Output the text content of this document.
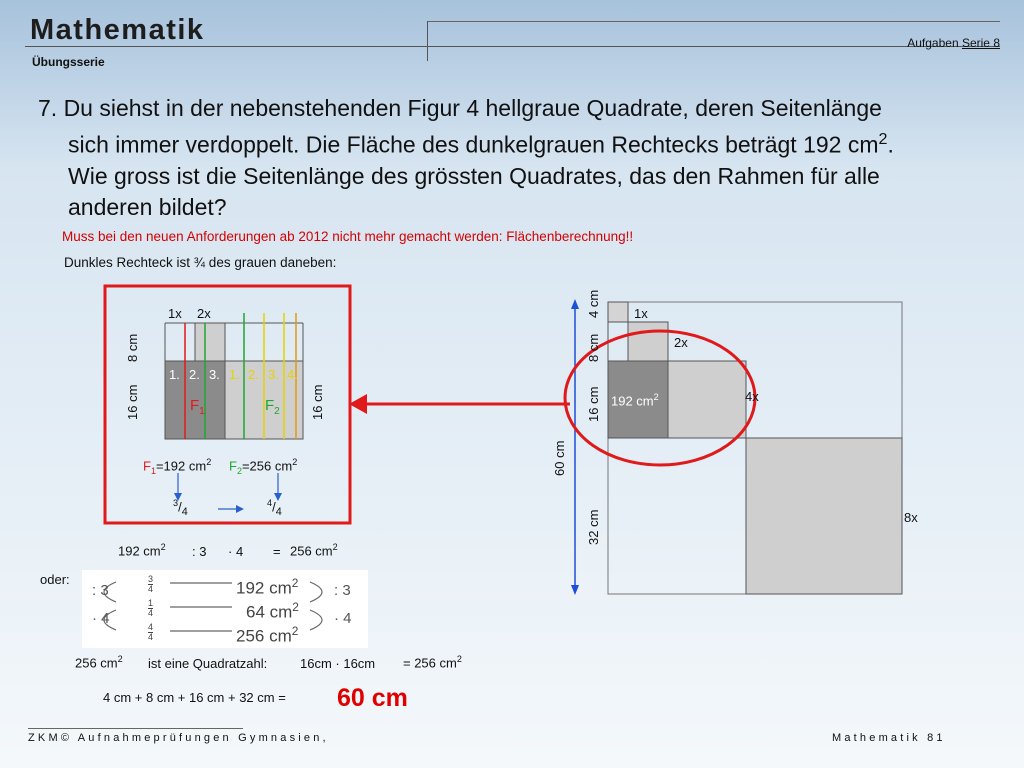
Mathematik
Übungsserie
Aufgaben Serie 8
7. Du siehst in der nebenstehenden Figur 4 hellgraue Quadrate, deren Seitenlänge
sich immer verdoppelt. Die Fläche des dunkelgrauen Rechtecks beträgt 192 $cm^2$.
Wie gross ist die Seitenlänge des grössten Quadrates, das den Rahmen für alle
anderen bildet?
Muss bei den neuen Anforderungen ab 2012 nicht mehr gemacht werden: Flächenberechnung!!
Dunkles Rechteck ist ¾ des grauen daneben:
1x 2x
8 cm
16 cm	16 cm
1. 2. 3. 1. 2. 3. 4.
$F_1$	$F_2$
$F_1=192$ $cm^2$ $F_2=256$ $cm^2$
$^3/_4$
$^4/_4$
192 $cm^2$ : 3 · 4 = 256 $cm^2$
oder:
: 3
· 4
: 3
· 4
$\frac{3}{4}$
$\frac{1}{4}$
$\frac{4}{4}$
192 $cm^2$
64 $cm^2$
256 $cm^2$
4 cm
8 cm
16 cm
32 cm
60 cm
1x
2x
4x
8x
192 $cm^2$
256 $cm^2$ ist eine Quadratzahl:	16cm · 16cm = 256 $cm^2$
4 cm + 8 cm + 16 cm + 32 cm = 60 cm
ZKM© Aufnahmeprüfungen Gymnasien,	Mathematik 81
